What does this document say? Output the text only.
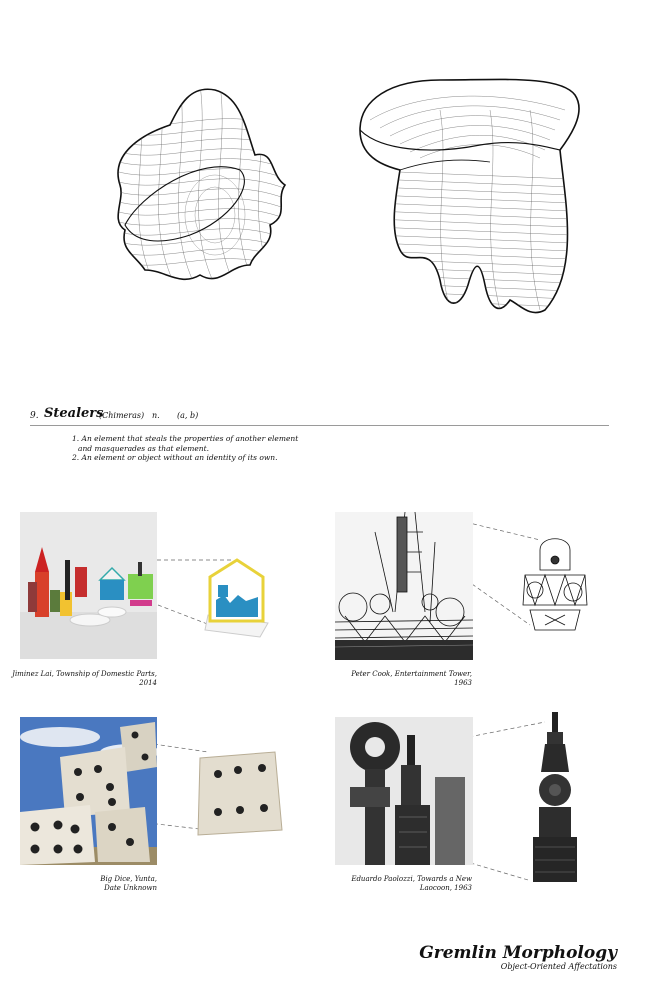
9. Stealers
(Chimeras) n. (a, b)
1. An element that steals the properties of another element
and masquerades as that element.
2. An element or object without an identity of its own.
Jiminez Lai, Township of Domestic Parts,
2014
Peter Cook, Entertainment Tower,
1963
Big Dice, Yunta,
Date Unknown
Eduardo Paolozzi, Towards a New
Laocoon, 1963
Gremlin Morphology
Object-Oriented Affectations
